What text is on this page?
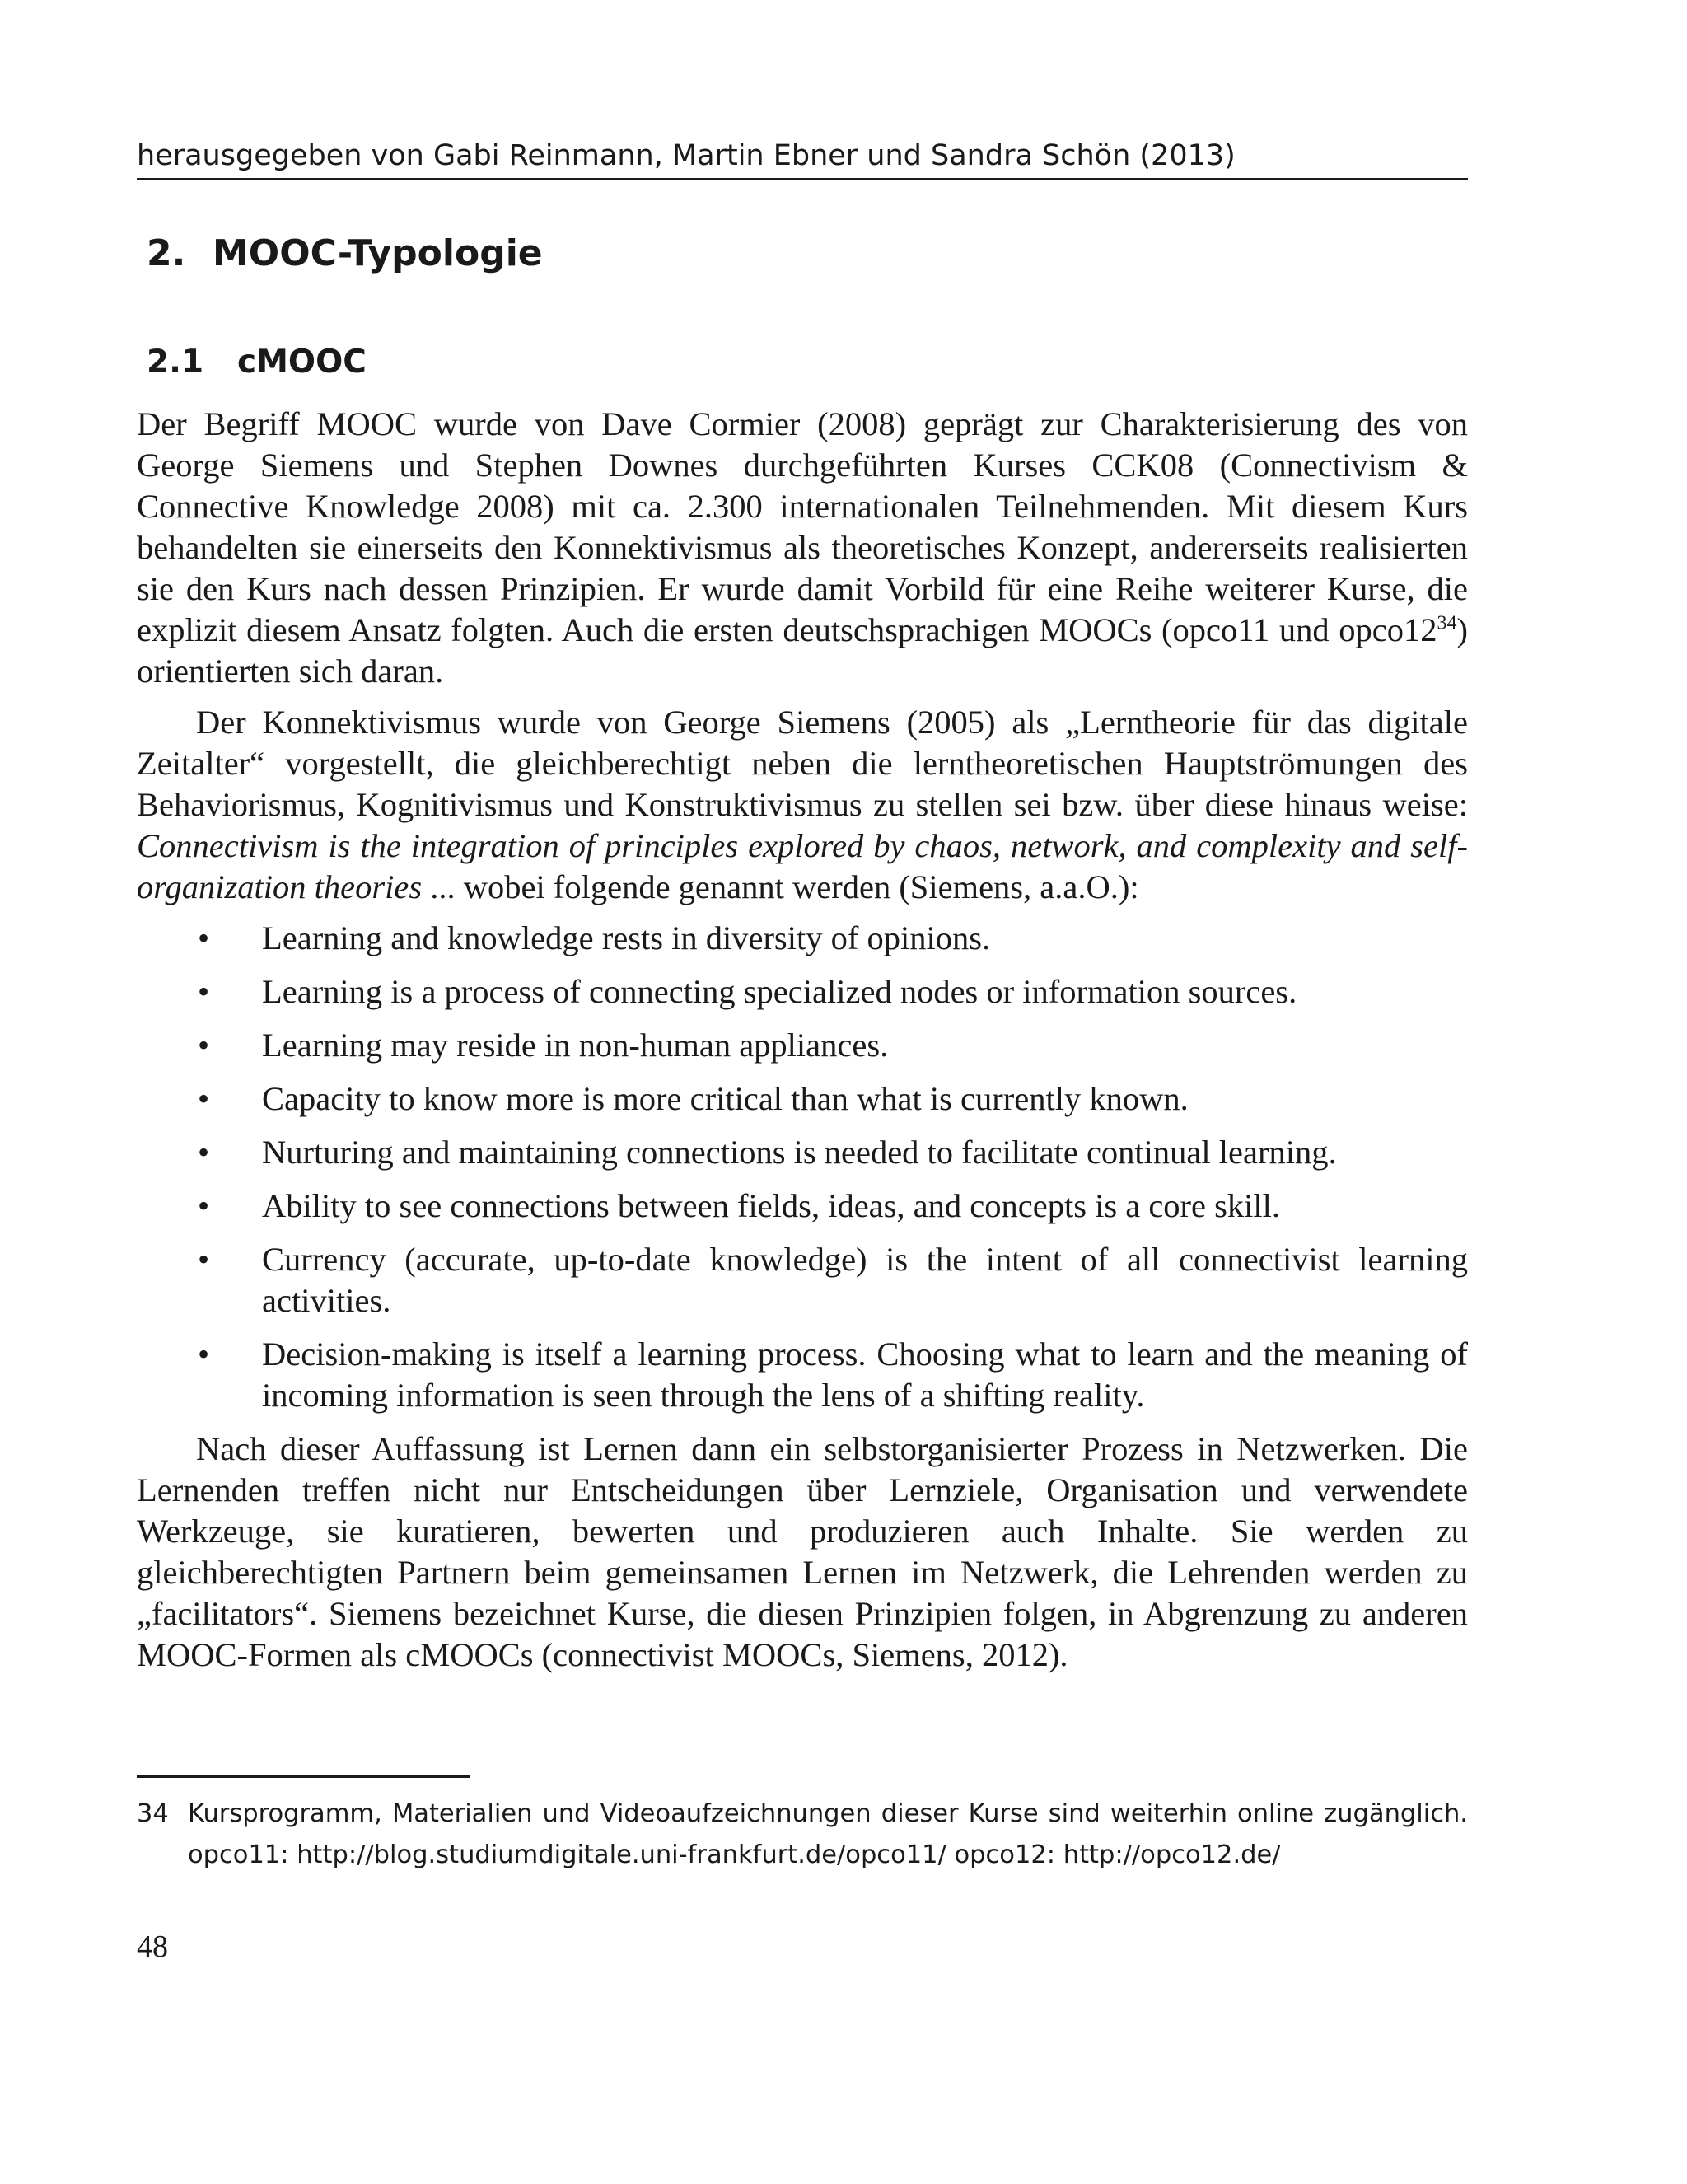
herausgegeben von Gabi Reinmann, Martin Ebner und Sandra Schön (2013)
2. MOOC-Typologie
2.1 cMOOC

Der Begriff MOOC wurde von Dave Cormier (2008) geprägt zur Charakterisierung des von George Siemens und Stephen Downes durchgeführten Kurses CCK08 (Connectivism & Connective Knowledge 2008) mit ca. 2.300 internationalen Teilnehmenden. Mit diesem Kurs behandelten sie einerseits den Konnektivismus als theoretisches Konzept, andererseits realisierten sie den Kurs nach dessen Prinzipien. Er wurde damit Vorbild für eine Reihe weiterer Kurse, die explizit diesem Ansatz folgten. Auch die ersten deutschsprachigen MOOCs (opco11 und $opco12^{34}$) orientierten sich daran.

Der Konnektivismus wurde von George Siemens (2005) als „Lerntheorie für das digitale Zeitalter“ vorgestellt, die gleichberechtigt neben die lerntheoretischen Hauptströmungen des Behaviorismus, Kognitivismus und Konstruktivismus zu stellen sei bzw. über diese hinaus weise: Connectivism is the integration of principles explored by chaos, network, and complexity and self-organization theories ... wobei folgende genannt werden (Siemens, a.a.O.):

• Learning and knowledge rests in diversity of opinions.
• Learning is a process of connecting specialized nodes or information sources.
• Learning may reside in non-human appliances.
• Capacity to know more is more critical than what is currently known.
• Nurturing and maintaining connections is needed to facilitate continual learning.
• Ability to see connections between fields, ideas, and concepts is a core skill.
• Currency (accurate, up-to-date knowledge) is the intent of all connectivist learning activities.
• Decision-making is itself a learning process. Choosing what to learn and the meaning of incoming information is seen through the lens of a shifting reality.

Nach dieser Auffassung ist Lernen dann ein selbstorganisierter Prozess in Netzwerken. Die Lernenden treffen nicht nur Entscheidungen über Lernziele, Organisation und verwendete Werkzeuge, sie kuratieren, bewerten und produzieren auch Inhalte. Sie werden zu gleichberechtigten Partnern beim gemeinsamen Lernen im Netzwerk, die Lehrenden werden zu „facilitators“. Siemens bezeichnet Kurse, die diesen Prinzipien folgen, in Abgrenzung zu anderen MOOC-Formen als cMOOCs (connectivist MOOCs, Siemens, 2012).

34 Kursprogramm, Materialien und Videoaufzeichnungen dieser Kurse sind weiterhin online zugänglich. opco11: http://blog.studiumdigitale.uni-frankfurt.de/opco11/ opco12: http://opco12.de/
48
